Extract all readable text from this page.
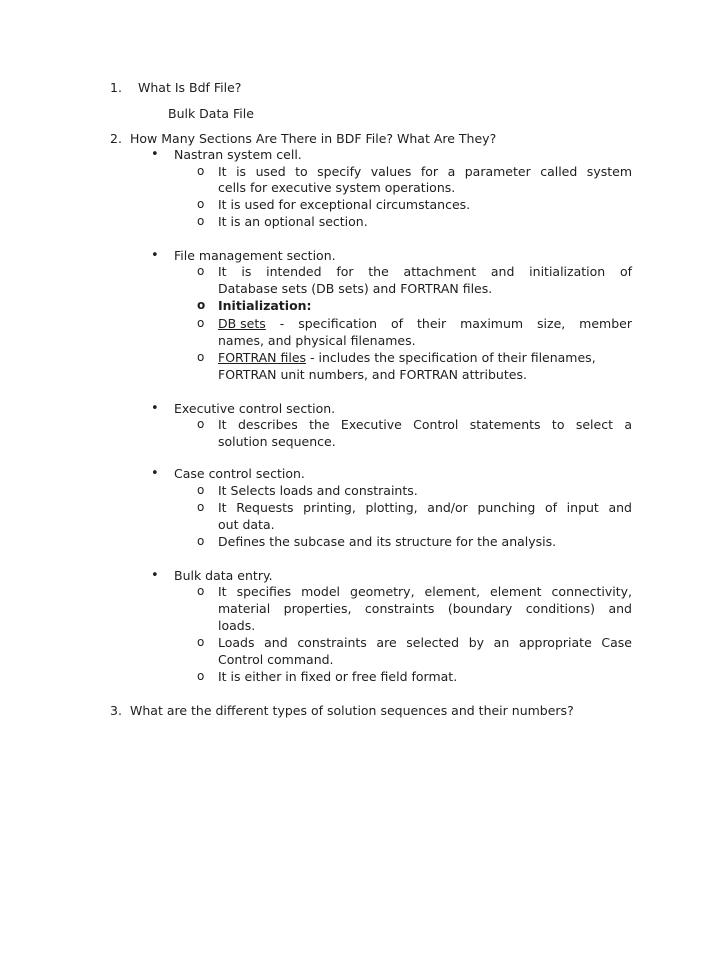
1. What Is Bdf File?
Bulk Data File
2. How Many Sections Are There in BDF File? What Are They?
• Nastran system cell.
o It is used to specify values for a parameter called system
cells for executive system operations.
o It is used for exceptional circumstances.
o It is an optional section.
• File management section.
o It is intended for the attachment and initialization of
Database sets (DB sets) and FORTRAN files.
o Initialization:
o DB sets - specification of their maximum size, member
names, and physical filenames.
o FORTRAN files - includes the specification of their filenames,
FORTRAN unit numbers, and FORTRAN attributes.
• Executive control section.
o It describes the Executive Control statements to select a
solution sequence.
• Case control section.
o It Selects loads and constraints.
o It Requests printing, plotting, and/or punching of input and
out data.
o Defines the subcase and its structure for the analysis.
• Bulk data entry.
o It specifies model geometry, element, element connectivity,
material properties, constraints (boundary conditions) and
loads.
o Loads and constraints are selected by an appropriate Case
Control command.
o It is either in fixed or free field format.
3. What are the different types of solution sequences and their numbers?
